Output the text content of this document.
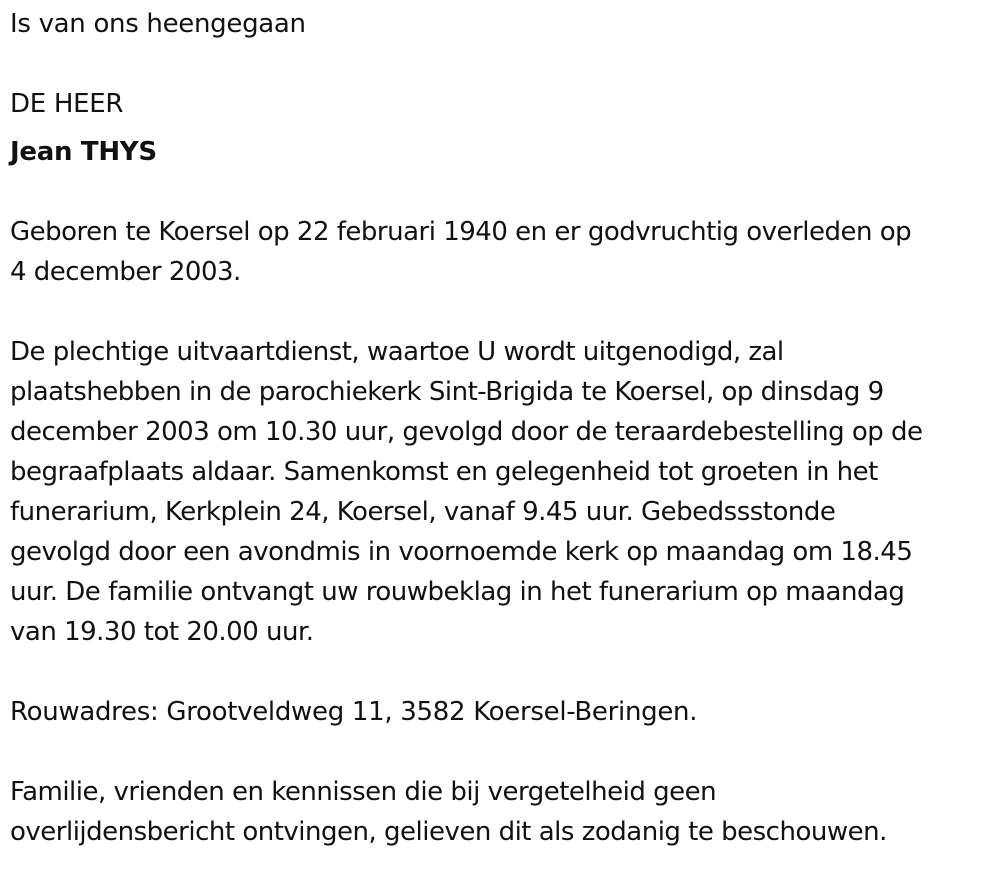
Is van ons heengegaan

DE HEER

Jean THYS

Geboren te Koersel op 22 februari 1940 en er godvruchtig overleden op

4 december 2003.

De plechtige uitvaartdienst, waartoe U wordt uitgenodigd, zal

plaatshebben in de parochiekerk Sint-Brigida te Koersel, op dinsdag 9

december 2003 om 10.30 uur, gevolgd door de teraardebestelling op de

begraafplaats aldaar. Samenkomst en gelegenheid tot groeten in het

funerarium, Kerkplein 24, Koersel, vanaf 9.45 uur. Gebedssstonde

gevolgd door een avondmis in voornoemde kerk op maandag om 18.45

uur. De familie ontvangt uw rouwbeklag in het funerarium op maandag

van 19.30 tot 20.00 uur.

Rouwadres: Grootveldweg 11, 3582 Koersel-Beringen.

Familie, vrienden en kennissen die bij vergetelheid geen

overlijdensbericht ontvingen, gelieven dit als zodanig te beschouwen.
